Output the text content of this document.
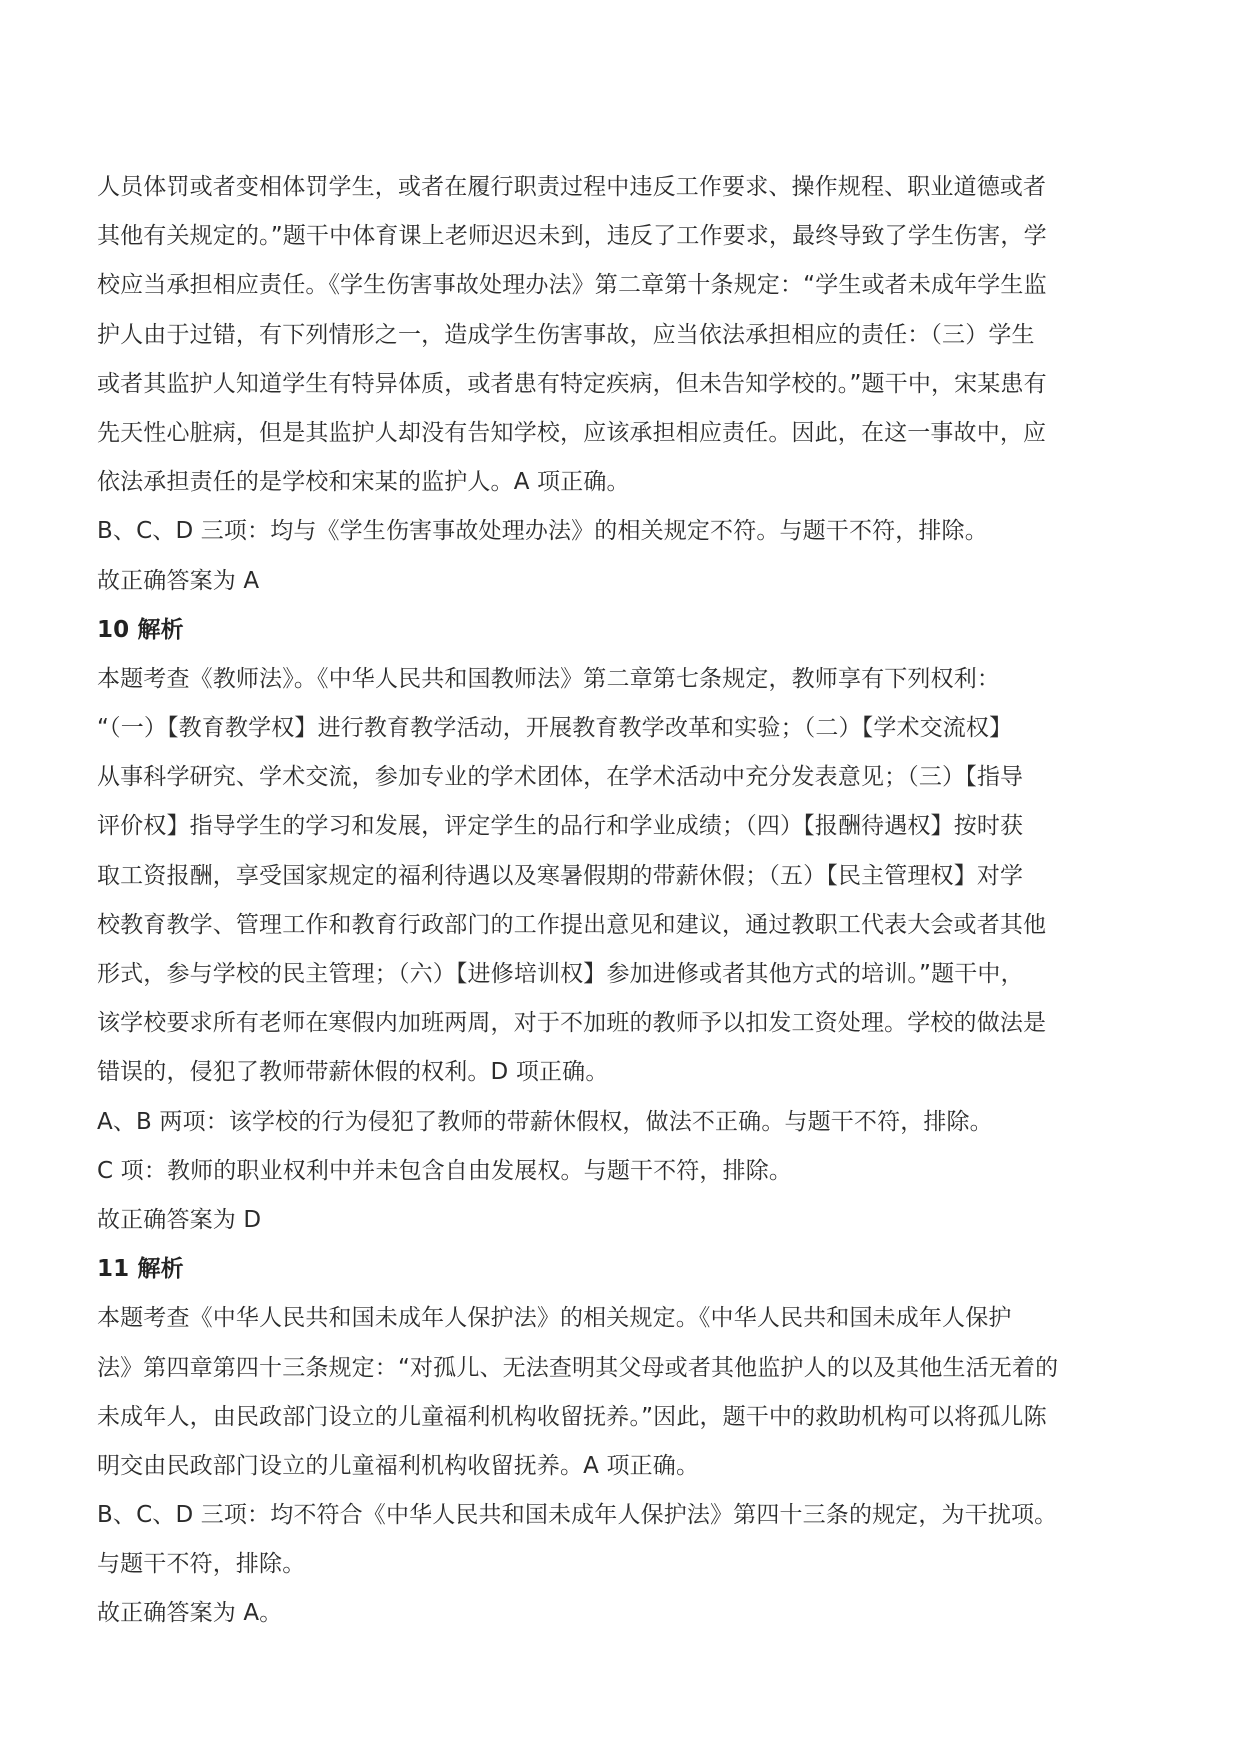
人员体罚或者变相体罚学生，或者在履行职责过程中违反工作要求、操作规程、职业道德或者
其他有关规定的。”题干中体育课上老师迟迟未到，违反了工作要求，最终导致了学生伤害，学
校应当承担相应责任。《学生伤害事故处理办法》第二章第十条规定：“学生或者未成年学生监
护人由于过错，有下列情形之一，造成学生伤害事故，应当依法承担相应的责任：（三）学生
或者其监护人知道学生有特异体质，或者患有特定疾病，但未告知学校的。”题干中，宋某患有
先天性心脏病，但是其监护人却没有告知学校，应该承担相应责任。因此，在这一事故中，应
依法承担责任的是学校和宋某的监护人。A 项正确。
B、C、D 三项：均与《学生伤害事故处理办法》的相关规定不符。与题干不符，排除。
故正确答案为 A
10 解析
本题考查《教师法》。《中华人民共和国教师法》第二章第七条规定，教师享有下列权利：
“（一）【教育教学权】进行教育教学活动，开展教育教学改革和实验；（二）【学术交流权】
从事科学研究、学术交流，参加专业的学术团体，在学术活动中充分发表意见；（三）【指导
评价权】指导学生的学习和发展，评定学生的品行和学业成绩；（四）【报酬待遇权】按时获
取工资报酬，享受国家规定的福利待遇以及寒暑假期的带薪休假；（五）【民主管理权】对学
校教育教学、管理工作和教育行政部门的工作提出意见和建议，通过教职工代表大会或者其他
形式，参与学校的民主管理；（六）【进修培训权】参加进修或者其他方式的培训。”题干中，
该学校要求所有老师在寒假内加班两周，对于不加班的教师予以扣发工资处理。学校的做法是
错误的，侵犯了教师带薪休假的权利。D 项正确。
A、B 两项：该学校的行为侵犯了教师的带薪休假权，做法不正确。与题干不符，排除。
C 项：教师的职业权利中并未包含自由发展权。与题干不符，排除。
故正确答案为 D
11 解析
本题考查《中华人民共和国未成年人保护法》的相关规定。《中华人民共和国未成年人保护
法》第四章第四十三条规定：“对孤儿、无法查明其父母或者其他监护人的以及其他生活无着的
未成年人，由民政部门设立的儿童福利机构收留抚养。”因此，题干中的救助机构可以将孤儿陈
明交由民政部门设立的儿童福利机构收留抚养。A 项正确。
B、C、D 三项：均不符合《中华人民共和国未成年人保护法》第四十三条的规定，为干扰项。
与题干不符，排除。
故正确答案为 A。
